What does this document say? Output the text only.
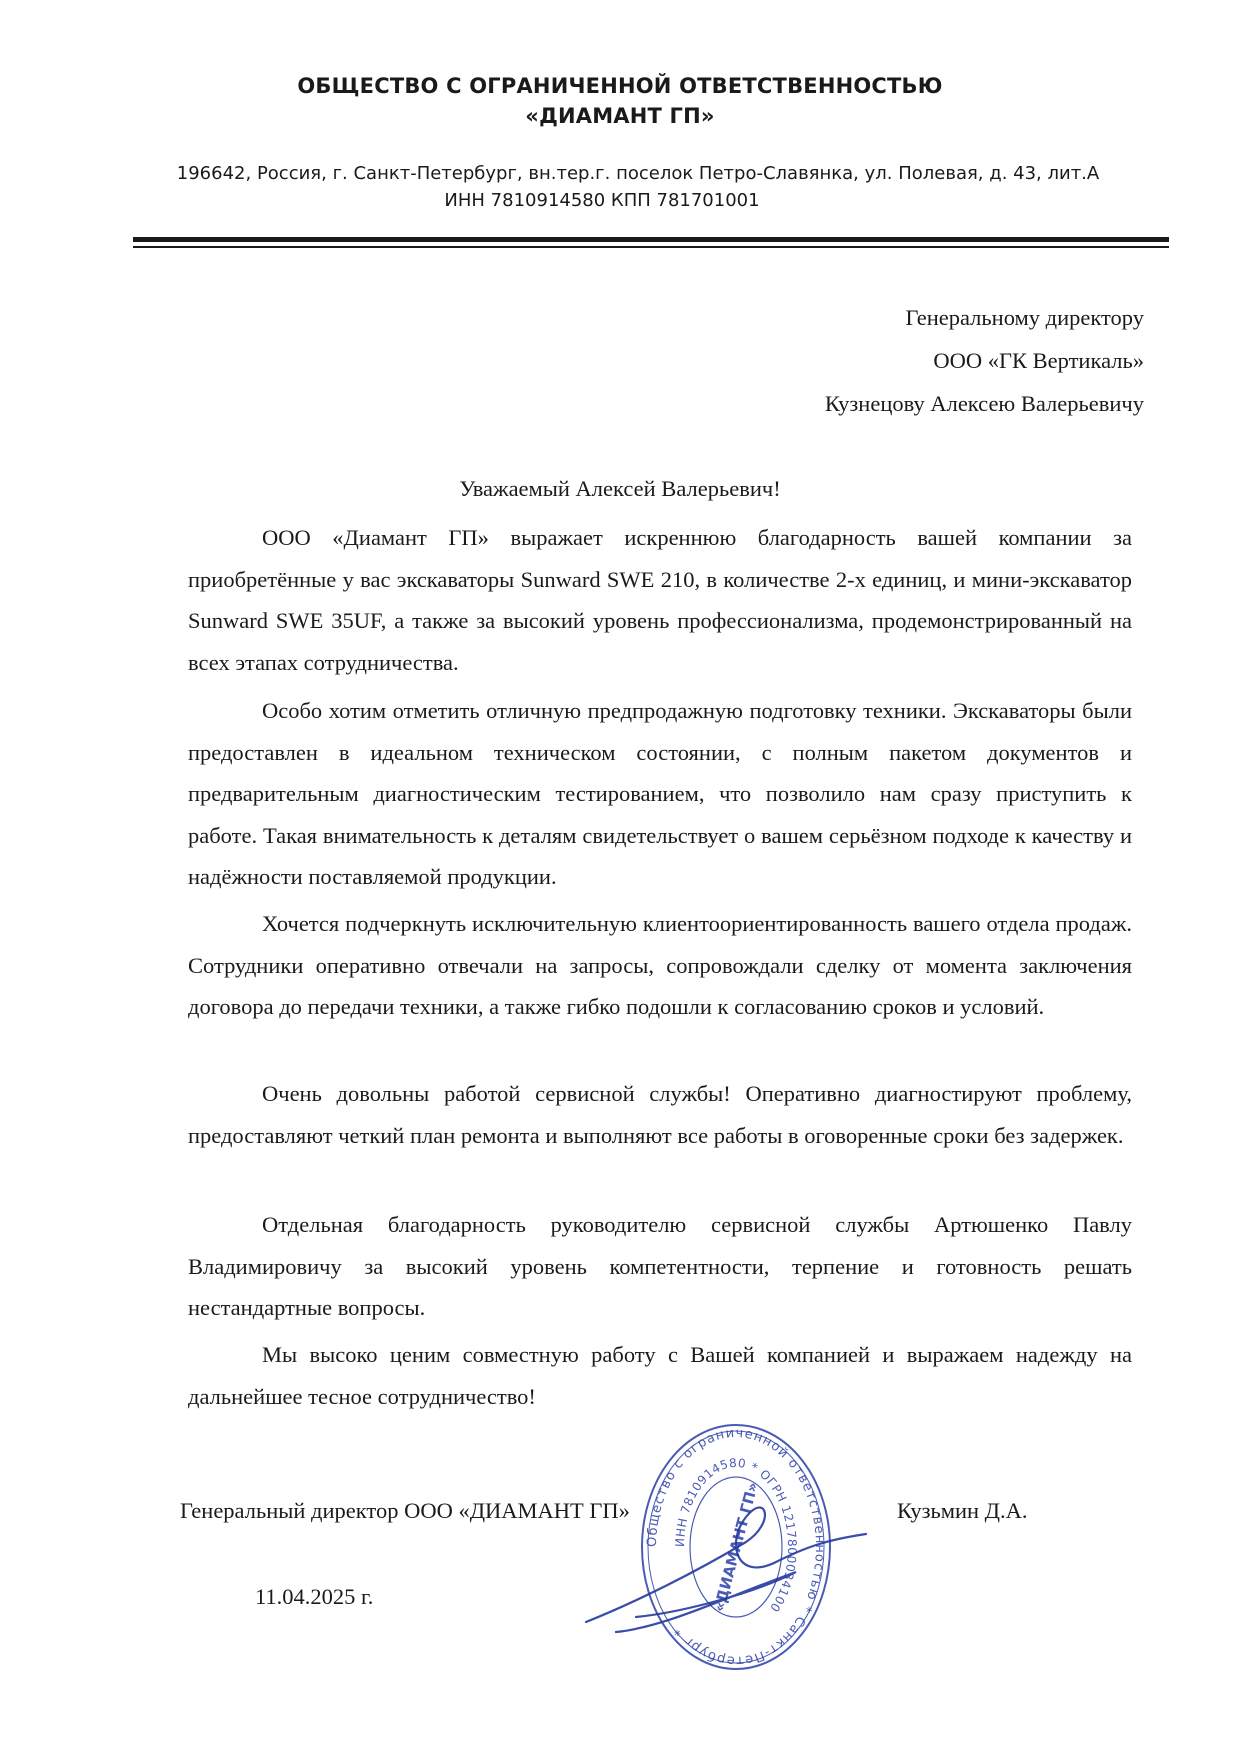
ОБЩЕСТВО С ОГРАНИЧЕННОЙ ОТВЕТСТВЕННОСТЬЮ
«ДИАМАНТ ГП»
196642, Россия, г. Санкт-Петербург, вн.тер.г. поселок Петро-Славянка, ул. Полевая, д. 43, лит.А
ИНН 7810914580 КПП 781701001
Генеральному директору
ООО «ГК Вертикаль»
Кузнецову Алексею Валерьевичу
Уважаемый Алексей Валерьевич!

ООО «Диамант ГП» выражает искреннюю благодарность вашей компании за приобретённые у вас экскаваторы Sunward SWE 210, в количестве 2-х единиц, и мини-экскаватор Sunward SWE 35UF, а также за высокий уровень профессионализма, продемонстрированный на всех этапах сотрудничества.

Особо хотим отметить отличную предпродажную подготовку техники. Экскаваторы были предоставлен в идеальном техническом состоянии, с полным пакетом документов и предварительным диагностическим тестированием, что позволило нам сразу приступить к работе. Такая внимательность к деталям свидетельствует о вашем серьёзном подходе к качеству и надёжности поставляемой продукции.

Хочется подчеркнуть исключительную клиентоориентированность вашего отдела продаж. Сотрудники оперативно отвечали на запросы, сопровождали сделку от момента заключения договора до передачи техники, а также гибко подошли к согласованию сроков и условий.

Очень довольны работой сервисной службы! Оперативно диагностируют проблему, предоставляют четкий план ремонта и выполняют все работы в оговоренные сроки без задержек.

Отдельная благодарность руководителю сервисной службы Артюшенко Павлу Владимировичу за высокий уровень компетентности, терпение и готовность решать нестандартные вопросы.

Мы высоко ценим совместную работу с Вашей компанией и выражаем надежду на дальнейшее тесное сотрудничество!

Генеральный директор ООО «ДИАМАНТ ГП»	Кузьмин Д.А.
11.04.2025 г.
Общество с ограниченной ответственностью * Санкт-Петербург *
ИНН 7810914580 * ОГРН 1217800034100
«ДИАМАНТ ГП»
